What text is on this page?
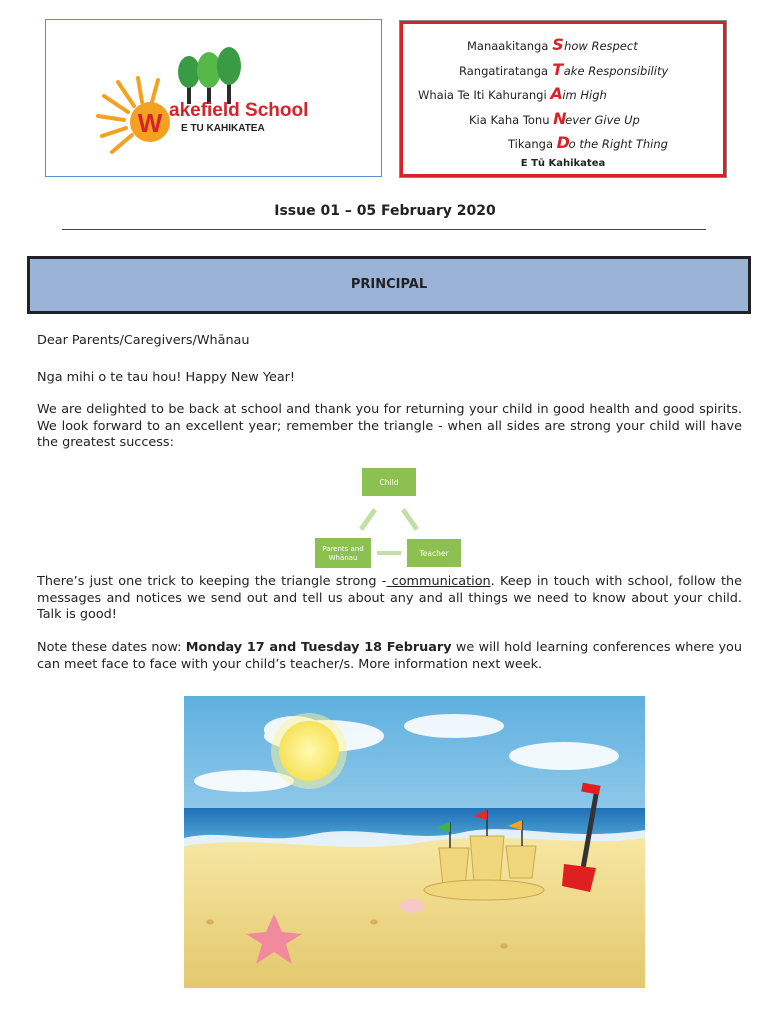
W akefield School
E TU KAHIKATEA
Manaakitanga Show Respect
Rangatiratanga Take Responsibility
Whaia Te Iti Kahurangi Aim High
Kia Kaha Tonu Never Give Up
Tikanga Do the Right Thing
E Tū Kahikatea
Issue 01 – 05 February 2020
PRINCIPAL
Dear Parents/Caregivers/Whānau
Nga mihi o te tau hou! Happy New Year!
We are delighted to be back at school and thank you for returning your child in good health and good spirits. We look forward to an excellent year; remember the triangle - when all sides are strong your child will have the greatest success:
Child
Parents and
Whānau	Teacher
There’s just one trick to keeping the triangle strong - communication. Keep in touch with school, follow the messages and notices we send out and tell us about any and all things we need to know about your child. Talk is good!
Note these dates now: Monday 17 and Tuesday 18 February we will hold learning conferences where you can meet face to face with your child’s teacher/s. More information next week.
